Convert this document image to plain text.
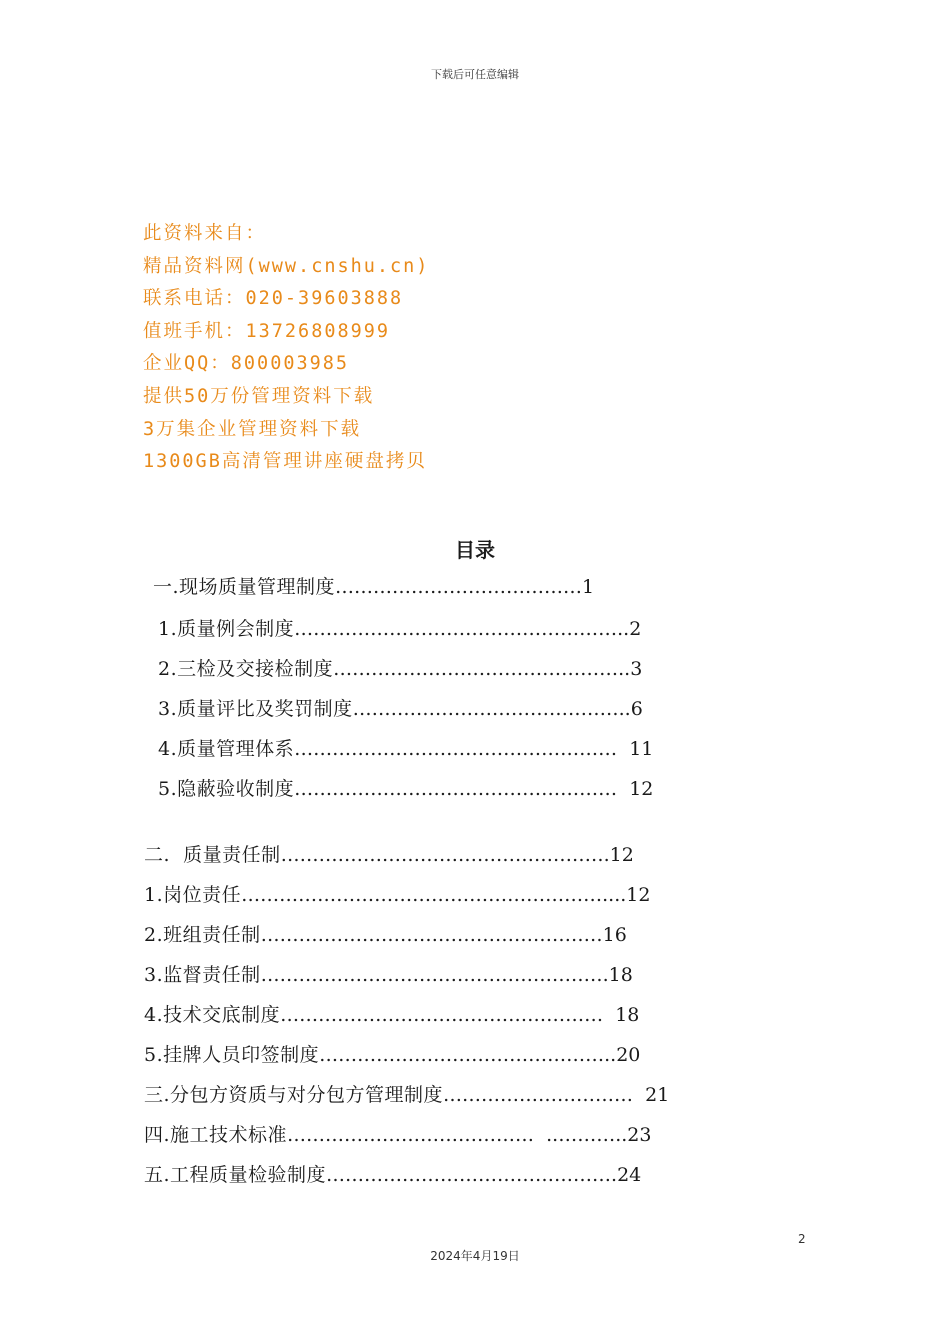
下载后可任意编辑
此资料来自：
精品资料网(www.cnshu.cn)
联系电话：020-39603888
值班手机：13726808999
企业QQ：800003985
提供50万份管理资料下载
3万集企业管理资料下载
1300GB高清管理讲座硬盘拷贝
目录
一.现场质量管理制度 ………………………………… 1
1.质量例会制度 …………………………………………… ..2
2.三检及交接检制度 ……………………………………… ..3
3.质量评比及奖罚制度 …………………………………… ..6
4.质量管理体系 …………………………………………… 11
5.隐蔽验收制度 …………………………………………… 12
二.  质量责任制 …………………………………………… .12
1.岗位责任 ………………………………………………… ....12
2.班组责任制 ……………………………………………… 16
3.监督责任制 ……………………………………………… .18
4.技术交底制度 …………………………………………… 18
5.挂牌人员印签制度 ……………………………………… ..20
三.分包方资质与对分包方管理制度 ………………………… 21
四.施工技术标准 …………………………………  ..……… ..23
五.工程质量检验制度 ……………………………………… .24
2
2024年4月19日
